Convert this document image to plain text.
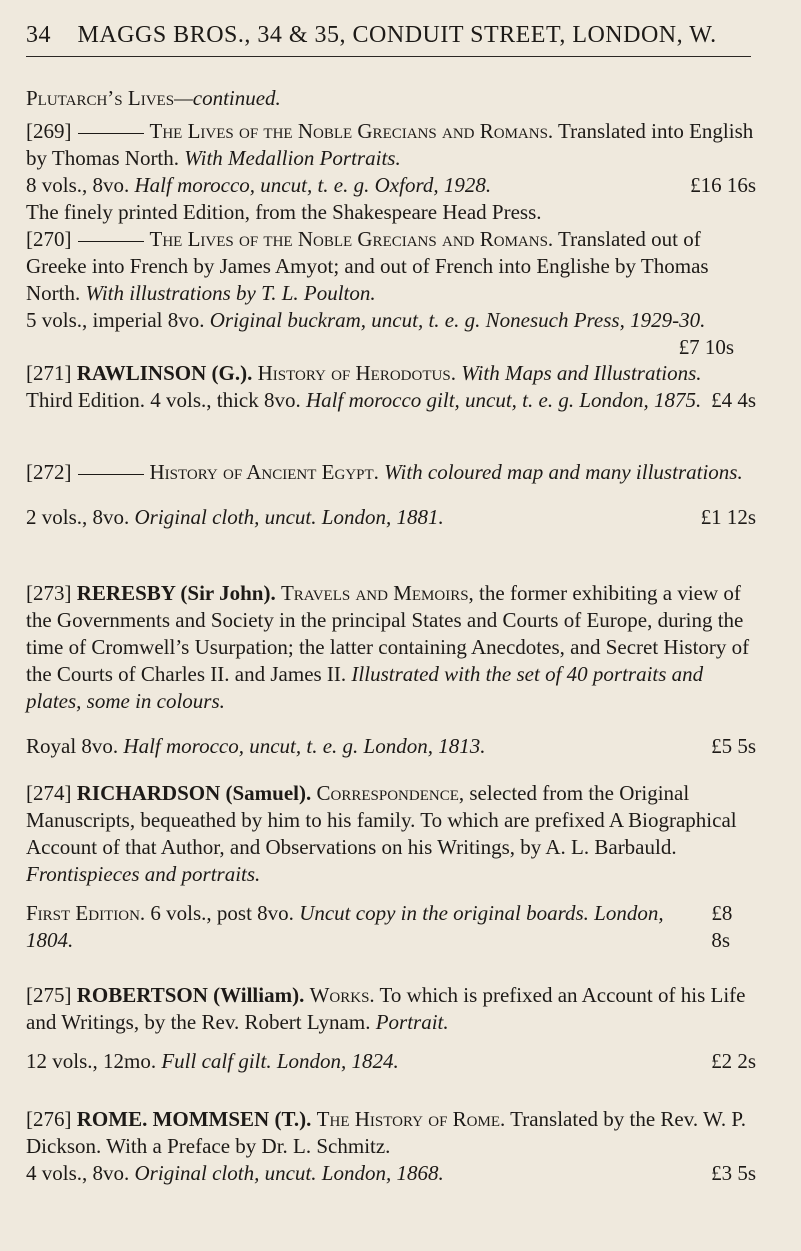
34 MAGGS BROS., 34 & 35, CONDUIT STREET, LONDON, W.
Plutarch’s Lives—continued.

[269]	The Lives of the Noble Grecians and Romans. Translated into English by Thomas North. With Medallion Portraits.

8 vols., 8vo. Half morocco, uncut, t. e. g. Oxford, 1928.	£16 16s

The finely printed Edition, from the Shakespeare Head Press.

[270]	The Lives of the Noble Grecians and Romans. Translated out of Greeke into French by James Amyot; and out of French into Englishe by Thomas North. With illustrations by T. L. Poulton.

5 vols., imperial 8vo. Original buckram, uncut, t. e. g. Nonesuch Press, 1929-30.

£7 10s

[271] RAWLINSON (G.). History of Herodotus. With Maps and Illustrations.

Third Edition. 4 vols., thick 8vo. Half morocco gilt, uncut, t. e. g. London, 1875. £4 4s

[272]	History of Ancient Egypt. With coloured map and many illustrations.

2 vols., 8vo. Original cloth, uncut. London, 1881.	£1 12s

[273] RERESBY (Sir John). Travels and Memoirs, the former exhibiting a view of the Governments and Society in the principal States and Courts of Europe, during the time of Cromwell’s Usurpation; the latter containing Anecdotes, and Secret History of the Courts of Charles II. and James II. Illustrated with the set of 40 portraits and plates, some in colours.

Royal 8vo. Half morocco, uncut, t. e. g. London, 1813.	£5 5s

[274] RICHARDSON (Samuel). Correspondence, selected from the Original Manuscripts, bequeathed by him to his family. To which are prefixed A Biographical Account of that Author, and Observations on his Writings, by A. L. Barbauld. Frontispieces and portraits.

First Edition. 6 vols., post 8vo. Uncut copy in the original boards. London, 1804.
£8 8s

[275] ROBERTSON (William). Works. To which is prefixed an Account of his Life and Writings, by the Rev. Robert Lynam. Portrait.

12 vols., 12mo. Full calf gilt. London, 1824.	£2 2s

[276] ROME. MOMMSEN (T.). The History of Rome. Translated by the Rev. W. P. Dickson. With a Preface by Dr. L. Schmitz.

4 vols., 8vo. Original cloth, uncut. London, 1868.	£3 5s
